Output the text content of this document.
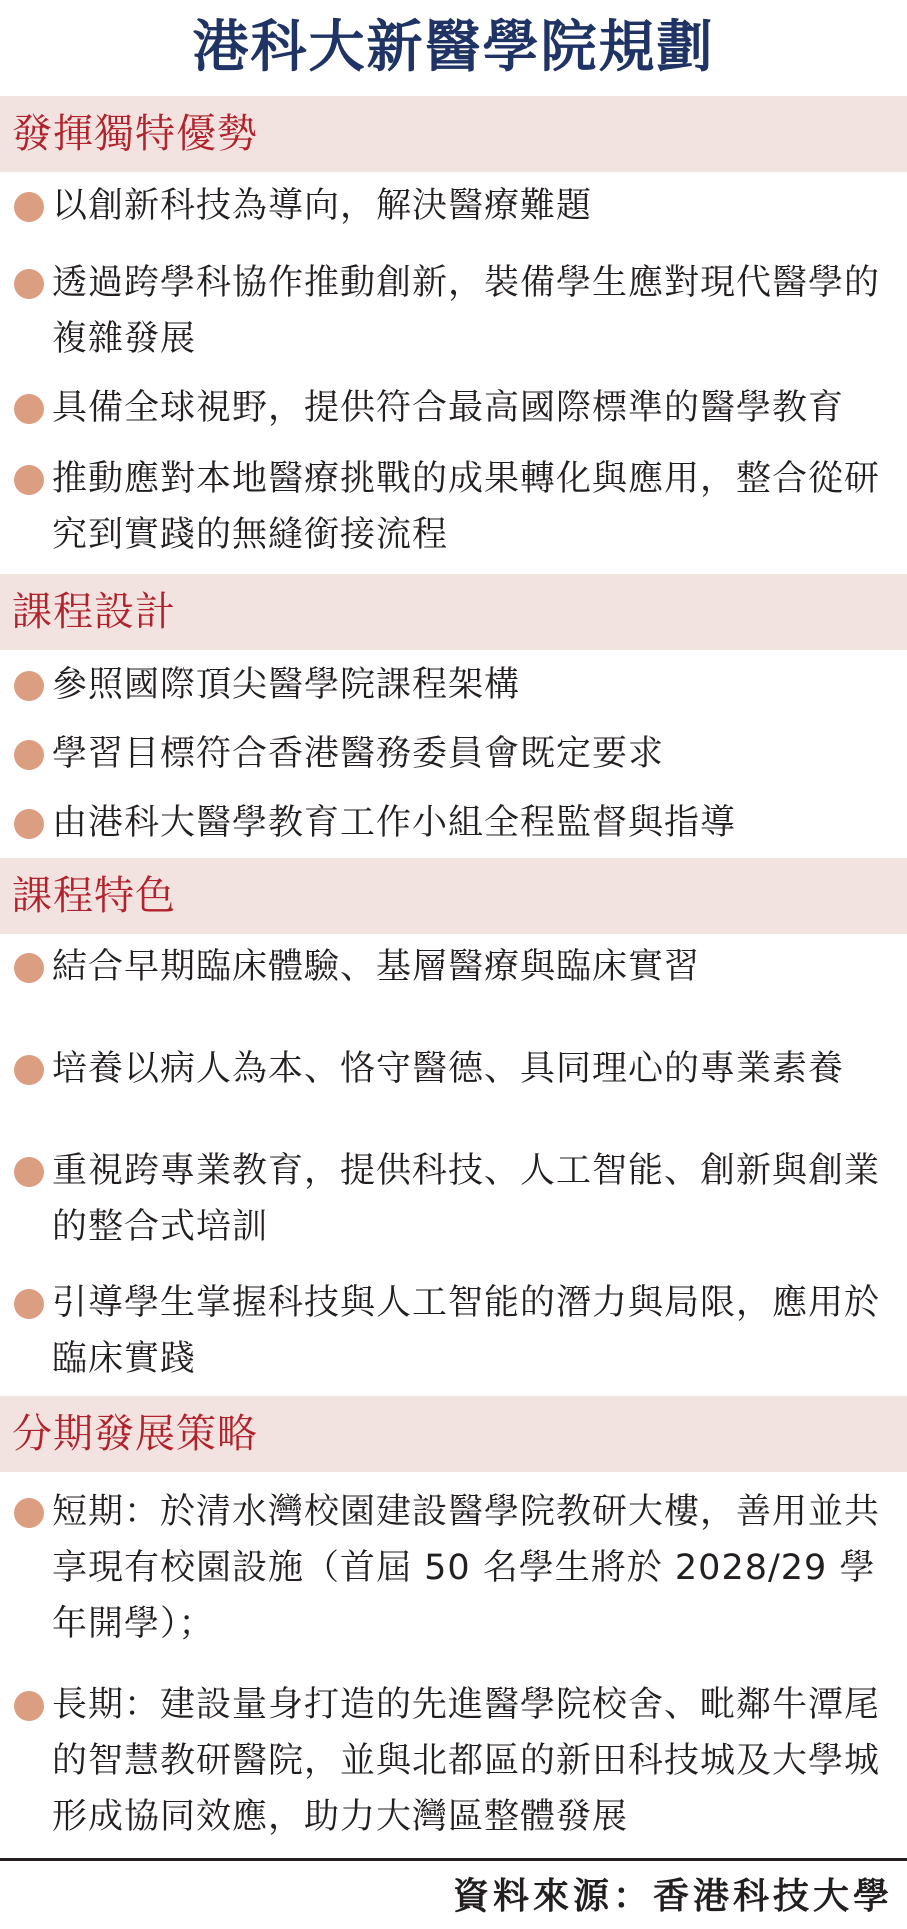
港科大新醫學院規劃
發揮獨特優勢
以創新科技為導向，解決醫療難題
透過跨學科協作推動創新，裝備學生應對現代醫學的複雜發展
具備全球視野，提供符合最高國際標準的醫學教育
推動應對本地醫療挑戰的成果轉化與應用，整合從研究到實踐的無縫銜接流程
課程設計
參照國際頂尖醫學院課程架構
學習目標符合香港醫務委員會既定要求
由港科大醫學教育工作小組全程監督與指導
課程特色
結合早期臨床體驗、基層醫療與臨床實習
培養以病人為本、恪守醫德、具同理心的專業素養
重視跨專業教育，提供科技、人工智能、創新與創業的整合式培訓
引導學生掌握科技與人工智能的潛力與局限，應用於臨床實踐
分期發展策略
短期：於清水灣校園建設醫學院教研大樓，善用並共享現有校園設施（首屆 50 名學生將於 2028/29 學年開學）；
長期：建設量身打造的先進醫學院校舍、毗鄰牛潭尾的智慧教研醫院，並與北都區的新田科技城及大學城形成協同效應，助力大灣區整體發展
資料來源：香港科技大學
